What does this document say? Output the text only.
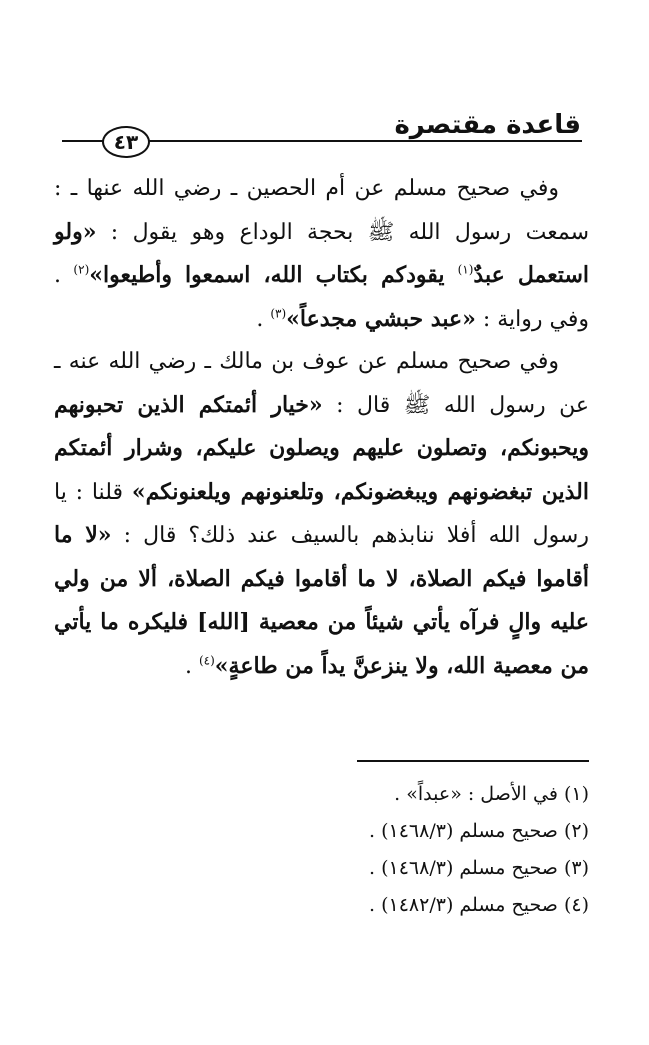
قاعدة مقتصرة
٤٣

وفي صحيح مسلم عن أم الحصين ـ رضي الله عنها ـ : سمعت رسول الله ﷺ بحجة الوداع وهو يقول : «ولو استعمل عبدٌ$^{(١)}$ يقودكم بكتاب الله، اسمعوا وأطيعوا»$^{(٢)}$ . وفي رواية : «عبد حبشي مجدعاً»$^{(٣)}$ .

وفي صحيح مسلم عن عوف بن مالك ـ رضي الله عنه ـ عن رسول الله ﷺ قال : «خيار أئمتكم الذين تحبونهم ويحبونكم، وتصلون عليهم ويصلون عليكم، وشرار أئمتكم الذين تبغضونهم ويبغضونكم، وتلعنونهم ويلعنونكم» قلنا : يا رسول الله أفلا ننابذهم بالسيف عند ذلك؟ قال : «لا ما أقاموا فيكم الصلاة، لا ما أقاموا فيكم الصلاة، ألا من ولي عليه والٍ فرآه يأتي شيئاً من معصية [الله] فليكره ما يأتي من معصية الله، ولا ينزعنَّ يداً من طاعةٍ»$^{(٤)}$ .

(١) في الأصل : «عبداً» .
(٢) صحيح مسلم (١٤٦٨/٣) .
(٣) صحيح مسلم (١٤٦٨/٣) .
(٤) صحيح مسلم (١٤٨٢/٣) .
